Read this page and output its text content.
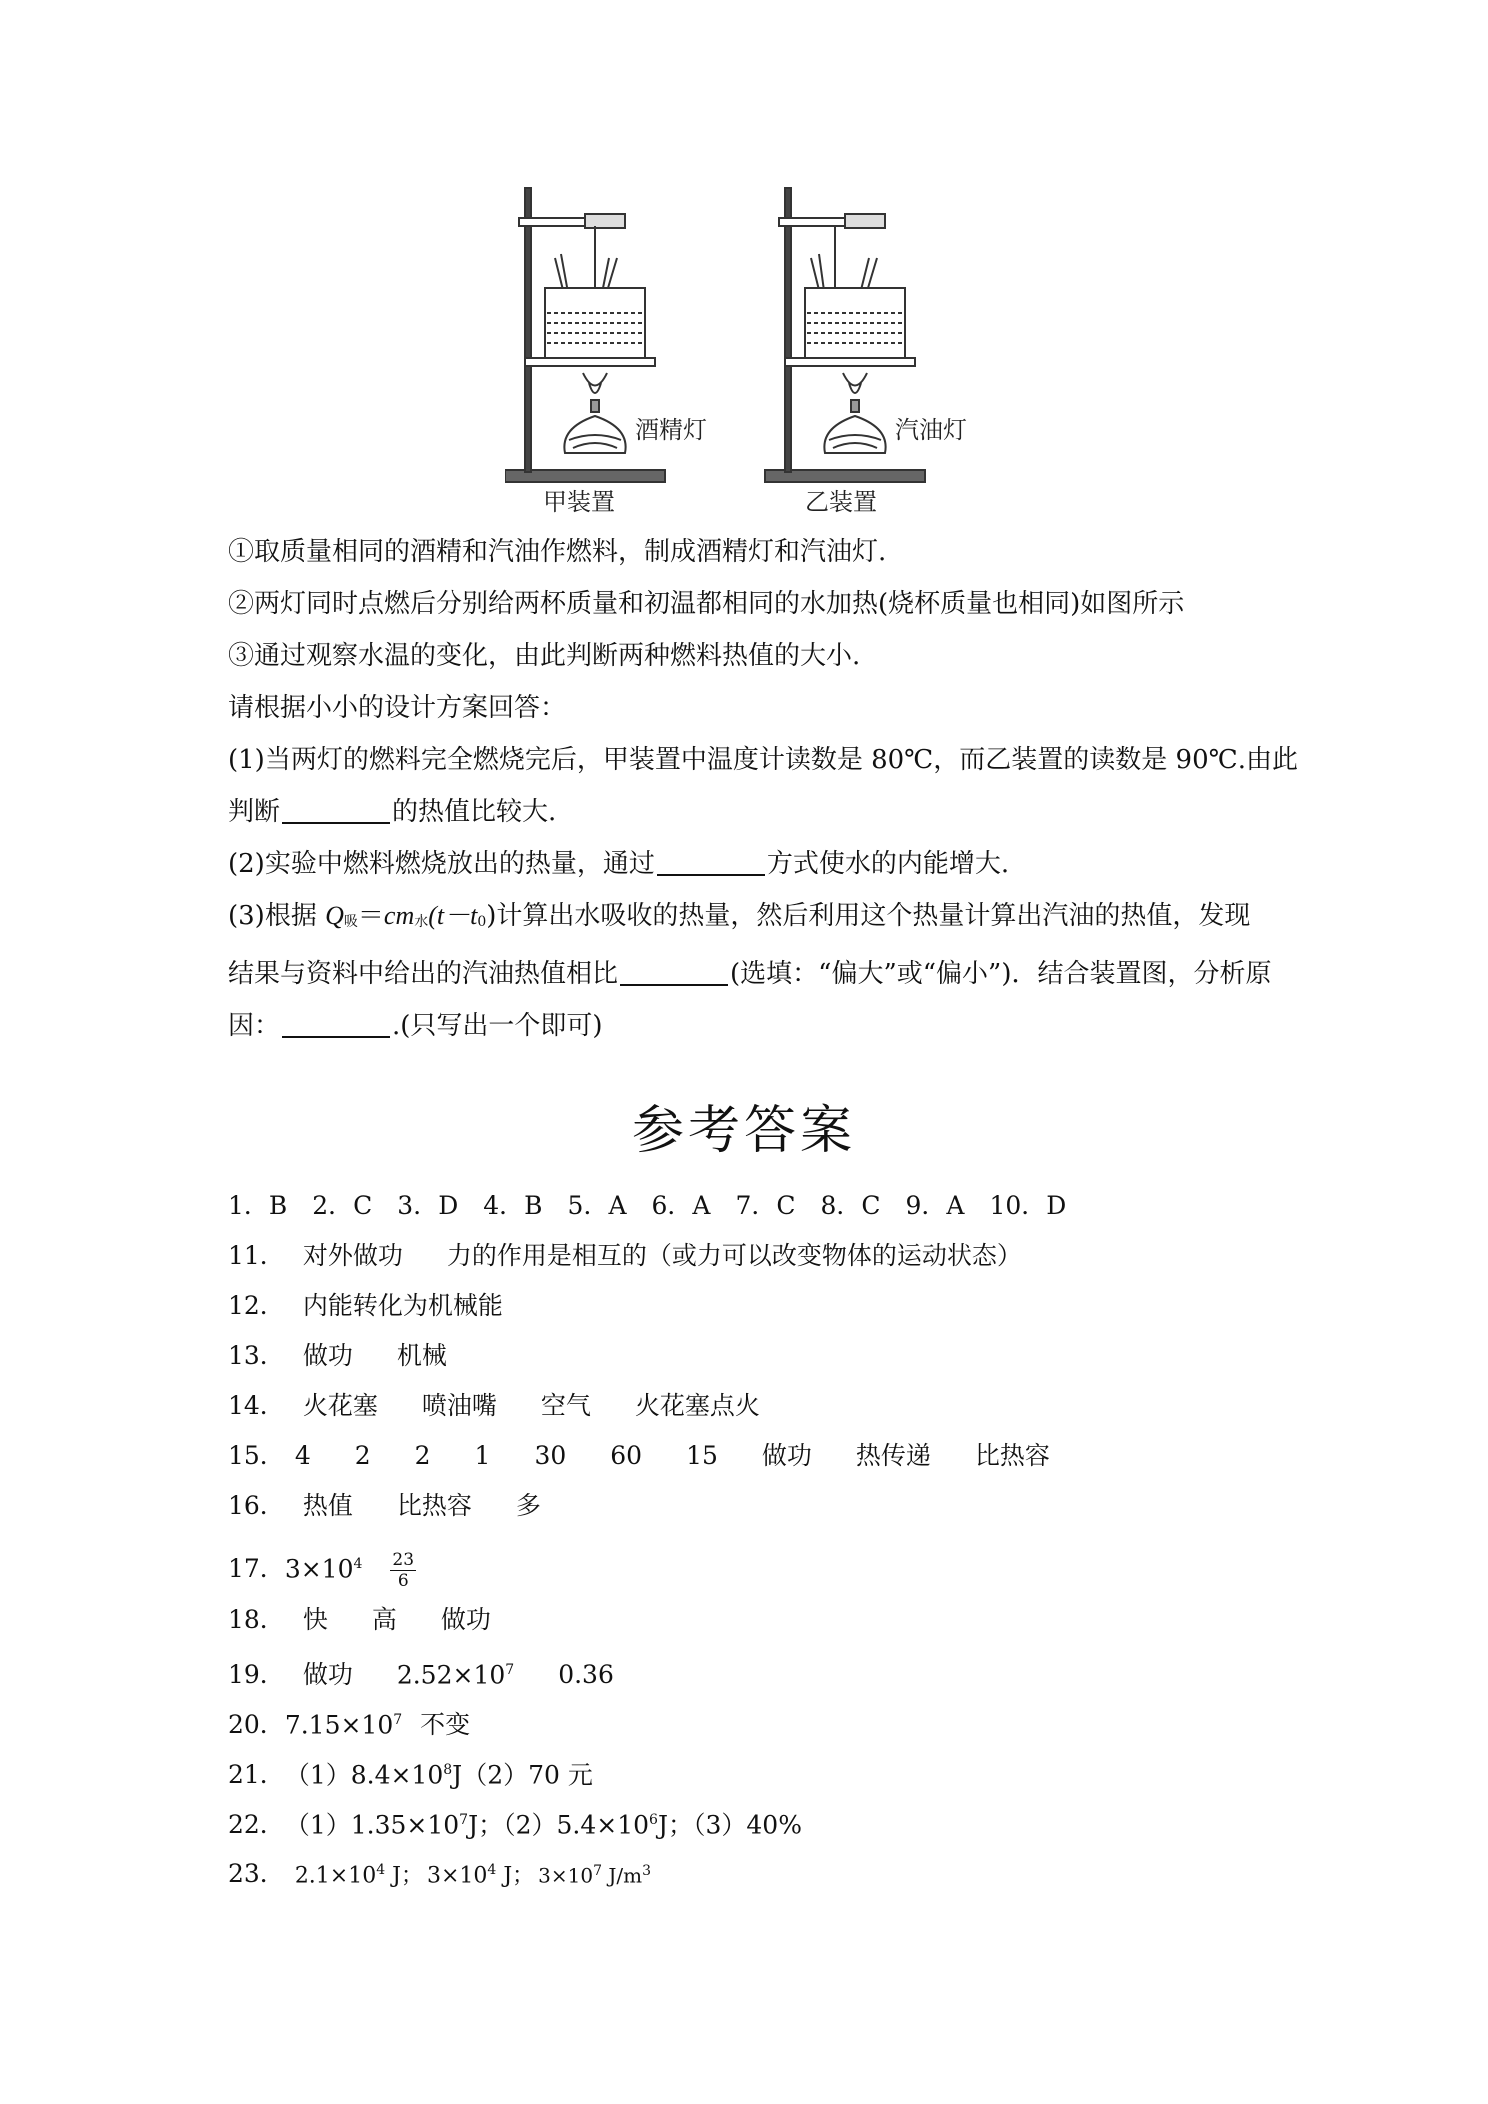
酒精灯	汽油灯
甲装置	乙装置

①取质量相同的酒精和汽油作燃料，制成酒精灯和汽油灯.

②两灯同时点燃后分别给两杯质量和初温都相同的水加热(烧杯质量也相同)如图所示

③通过观察水温的变化，由此判断两种燃料热值的大小.

请根据小小的设计方案回答：

(1)当两灯的燃料完全燃烧完后，甲装置中温度计读数是 80℃，而乙装置的读数是 90℃.由此

判断	的热值比较大.

(2)实验中燃料燃烧放出的热量，通过	方式使水的内能增大.

(3)根据 Q吸＝cm水(t－t0)计算出水吸收的热量，然后利用这个热量计算出汽油的热值，发现

结果与资料中给出的汽油热值相比	(选填：“偏大”或“偏小”)．结合装置图，分析原

因：	.(只写出一个即可)

参考答案
1．B　2．C　3．D　4．B　5．A　6．A　7．C　8．C　9．A　10．D
11． 对外做功 力的作用是相互的（或力可以改变物体的运动状态）
12． 内能转化为机械能
13． 做功 机械
14． 火花塞 喷油嘴 空气 火花塞点火
15． 4 2 2 1 30 60 15 做功 热传递 比热容
16． 热值 比热容 多
17．$3\times 10^4 \frac{23}{6}$
18． 快 高 做功
19． 做功 $2.52\times 10^7$ 0.36
20．$7.15\times 10^7$ 不变
21．$(1)8.4\times 10^8J(2)70$ 元
22．$(1)1.35\times 10^7J$；$(2)5.4\times 10^6J$；（3）40%
23． $2.1\times 10^4$ J； $3\times 10^4$ J； $3\times 10^7$ $J/m^3$
